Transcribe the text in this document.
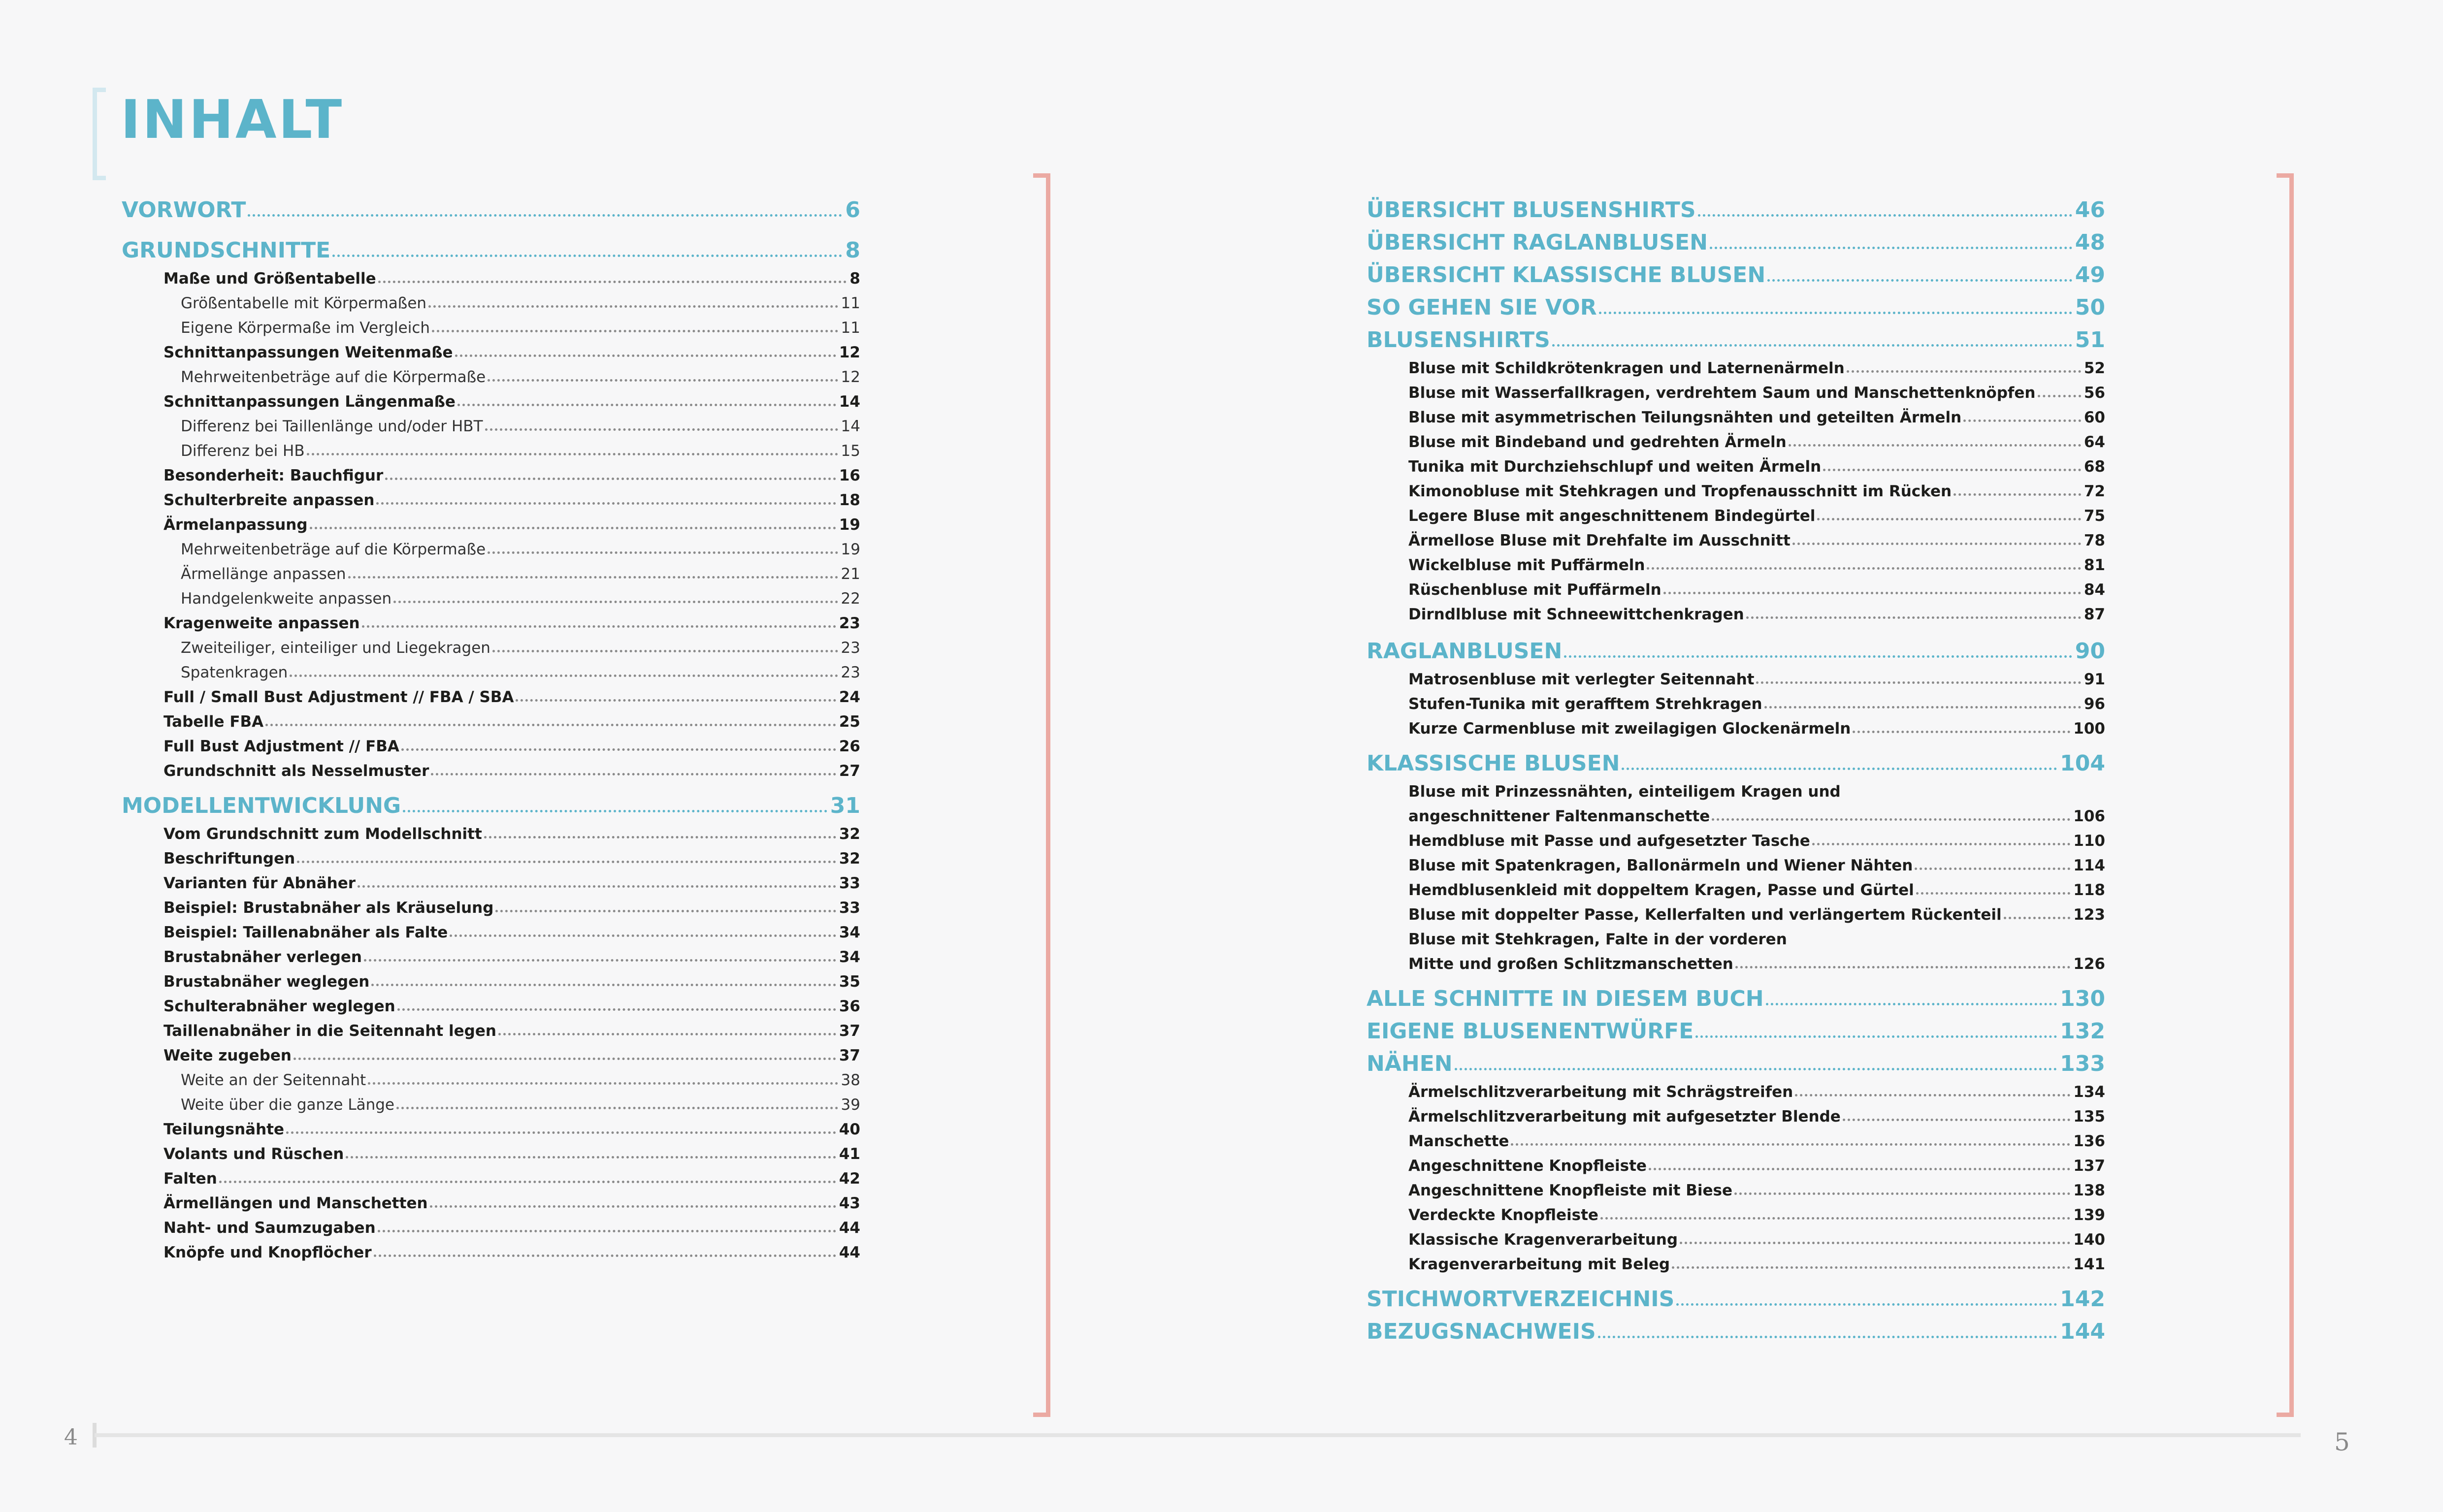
INHALT
4	5
VORWORT	6
GRUNDSCHNITTE	8
Maße und Größentabelle	8
Größentabelle mit Körpermaßen	11
Eigene Körpermaße im Vergleich	11
Schnittanpassungen Weitenmaße	12
Mehrweitenbeträge auf die Körpermaße	12
Schnittanpassungen Längenmaße	14
Differenz bei Taillenlänge und/oder HBT	14
Differenz bei HB	15
Besonderheit: Bauchfigur	16
Schulterbreite anpassen	18
Ärmelanpassung	19
Mehrweitenbeträge auf die Körpermaße	19
Ärmellänge anpassen	21
Handgelenkweite anpassen	22
Kragenweite anpassen	23
Zweiteiliger, einteiliger und Liegekragen	23
Spatenkragen	23
Full / Small Bust Adjustment // FBA / SBA	24
Tabelle FBA	25
Full Bust Adjustment // FBA	26
Grundschnitt als Nesselmuster	27
MODELLENTWICKLUNG	31
Vom Grundschnitt zum Modellschnitt	32
Beschriftungen	32
Varianten für Abnäher	33
Beispiel: Brustabnäher als Kräuselung	33
Beispiel: Taillenabnäher als Falte	34
Brustabnäher verlegen	34
Brustabnäher weglegen	35
Schulterabnäher weglegen	36
Taillenabnäher in die Seitennaht legen	37
Weite zugeben	37
Weite an der Seitennaht	38
Weite über die ganze Länge	39
Teilungsnähte	40
Volants und Rüschen	41
Falten	42
Ärmellängen und Manschetten	43
Naht- und Saumzugaben	44
Knöpfe und Knopflöcher	44
ÜBERSICHT BLUSENSHIRTS	46
ÜBERSICHT RAGLANBLUSEN	48
ÜBERSICHT KLASSISCHE BLUSEN	49
SO GEHEN SIE VOR	50
BLUSENSHIRTS	51
Bluse mit Schildkrötenkragen und Laternenärmeln	52
Bluse mit Wasserfallkragen, verdrehtem Saum und Manschettenknöpfen	56
Bluse mit asymmetrischen Teilungsnähten und geteilten Ärmeln	60
Bluse mit Bindeband und gedrehten Ärmeln	64
Tunika mit Durchziehschlupf und weiten Ärmeln	68
Kimonobluse mit Stehkragen und Tropfenausschnitt im Rücken	72
Legere Bluse mit angeschnittenem Bindegürtel	75
Ärmellose Bluse mit Drehfalte im Ausschnitt	78
Wickelbluse mit Puffärmeln	81
Rüschenbluse mit Puffärmeln	84
Dirndlbluse mit Schneewittchenkragen	87
RAGLANBLUSEN	90
Matrosenbluse mit verlegter Seitennaht	91
Stufen-Tunika mit gerafftem Strehkragen	96
Kurze Carmenbluse mit zweilagigen Glockenärmeln	100
KLASSISCHE BLUSEN	104
Bluse mit Prinzessnähten, einteiligem Kragen und
angeschnittener Faltenmanschette	106
Hemdbluse mit Passe und aufgesetzter Tasche	110
Bluse mit Spatenkragen, Ballonärmeln und Wiener Nähten	114
Hemdblusenkleid mit doppeltem Kragen, Passe und Gürtel	118
Bluse mit doppelter Passe, Kellerfalten und verlängertem Rückenteil	123
Bluse mit Stehkragen, Falte in der vorderen
Mitte und großen Schlitzmanschetten	126
ALLE SCHNITTE IN DIESEM BUCH	130
EIGENE BLUSENENTWÜRFE	132
NÄHEN	133
Ärmelschlitzverarbeitung mit Schrägstreifen	134
Ärmelschlitzverarbeitung mit aufgesetzter Blende	135
Manschette	136
Angeschnittene Knopfleiste	137
Angeschnittene Knopfleiste mit Biese	138
Verdeckte Knopfleiste	139
Klassische Kragenverarbeitung	140
Kragenverarbeitung mit Beleg	141
STICHWORTVERZEICHNIS	142
BEZUGSNACHWEIS	144
